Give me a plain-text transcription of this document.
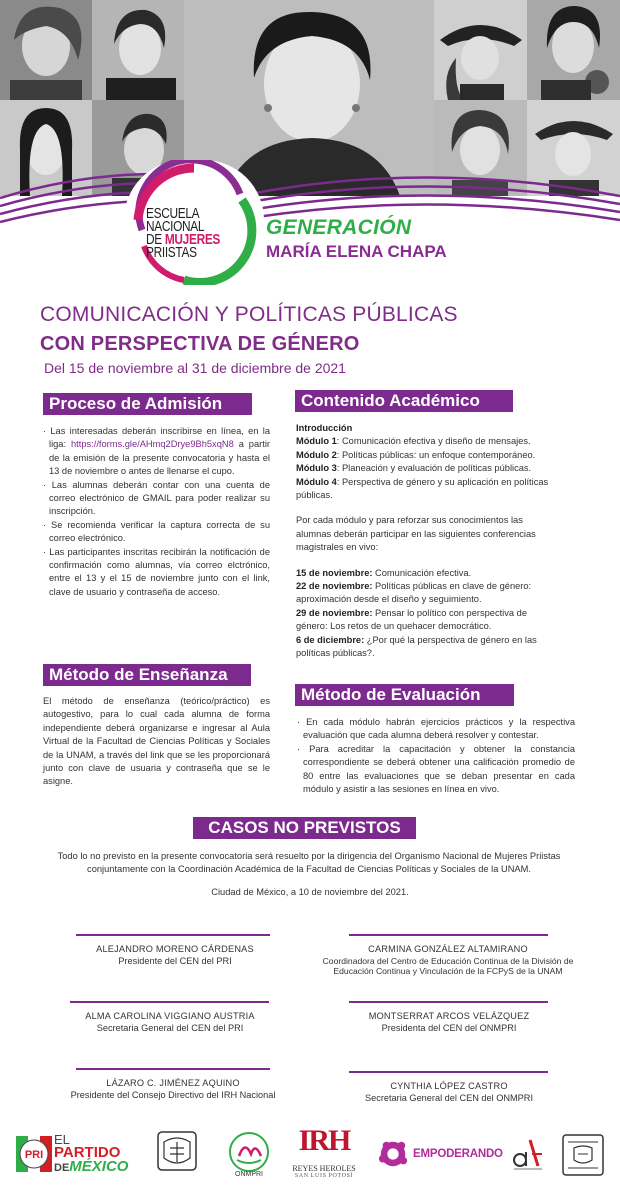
ESCUELA
NACIONAL
DE MUJERES
PRIISTAS
GENERACIÓN
MARÍA ELENA CHAPA
COMUNICACIÓN Y POLÍTICAS PÚBLICAS
CON PERSPECTIVA DE GÉNERO
Del 15 de noviembre al 31 de diciembre de 2021
Proceso de Admisión

· Las interesadas deberán inscribirse en línea, en la liga: https://forms.gle/AHmq2Drye9Bh5xqN8 a partir de la emisión de la presente convocatoria y hasta el 13 de noviembre o antes de llenarse el cupo.

· Las alumnas deberán contar con una cuenta de correo electrónico de GMAIL para poder realizar su inscripción.

· Se recomienda verificar la captura correcta de su correo electrónico.

· Las participantes inscritas recibirán la notificación de confirmación como alumnas, vía correo elctrónico, entre el 13 y el 15 de noviembre junto con el link, clave de usuario y contraseña de acceso.

Método de Enseñanza

El método de enseñanza (teórico/práctico) es autogestivo, para lo cual cada alumna de forma independiente deberá organizarse e ingresar al Aula Virtual de la Facultad de Ciencias Políticas y Sociales de la UNAM, a través del link que se les proporcionará junto con clave de usuaria y contraseña que se le asigne.

Contenido Académico

Introducción

Módulo 1: Comunicación efectiva y diseño de mensajes.

Módulo 2: Políticas públicas: un enfoque contemporáneo.

Módulo 3: Planeación y evaluación de políticas públicas.

Módulo 4: Perspectiva de género y su aplicación en políticas públicas.

Por cada módulo y para reforzar sus conocimientos las alumnas deberán participar en las siguientes conferencias magistrales en vivo:

15 de noviembre: Comunicación efectiva.

22 de noviembre: Políticas públicas en clave de género: aproximación desde el diseño y seguimiento.

29 de noviembre: Pensar lo político con perspectiva de género: Los retos de un quehacer democrático.

6 de diciembre: ¿Por qué la perspectiva de género en las políticas públicas?.

Método de Evaluación

· En cada módulo habrán ejercicios prácticos y la respectiva evaluación que cada alumna deberá resolver y contestar.

· Para acreditar la capacitación y obtener la constancia correspondiente se deberá obtener una calificación promedio de 80 entre las evaluaciones que se deban presentar en cada módulo y asistir a las sesiones en línea en vivo.

CASOS NO PREVISTOS
Todo lo no previsto en la presente convocatoria será resuelto por la dirigencia del Organismo Nacional de Mujeres Priistas conjuntamente con la Coordinación Académica de la Facultad de Ciencias Políticas y Sociales de la UNAM.
Ciudad de México, a 10 de noviembre del 2021.
ALEJANDRO MORENO CÁRDENAS
Presidente del CEN del PRI
CARMINA GONZÁLEZ ALTAMIRANO
Coordinadora del Centro de Educación Continua de la División de Educación Continua y Vinculación de la FCPyS de la UNAM
ALMA CAROLINA VIGGIANO AUSTRIA
Secretaria General del CEN del PRI
MONTSERRAT ARCOS VELÁZQUEZ
Presidenta del CEN del ONMPRI
LÁZARO C. JIMÉNEZ AQUINO
Presidente del Consejo Directivo del IRH Nacional
CYNTHIA LÓPEZ CASTRO
Secretaria General del CEN del ONMPRI
PRI
EL
PARTIDO
DEMÉXICO	ONMPRI
IRH
REYES HEROLES
SAN LUIS POTOSÍ
EMPODERANDO
